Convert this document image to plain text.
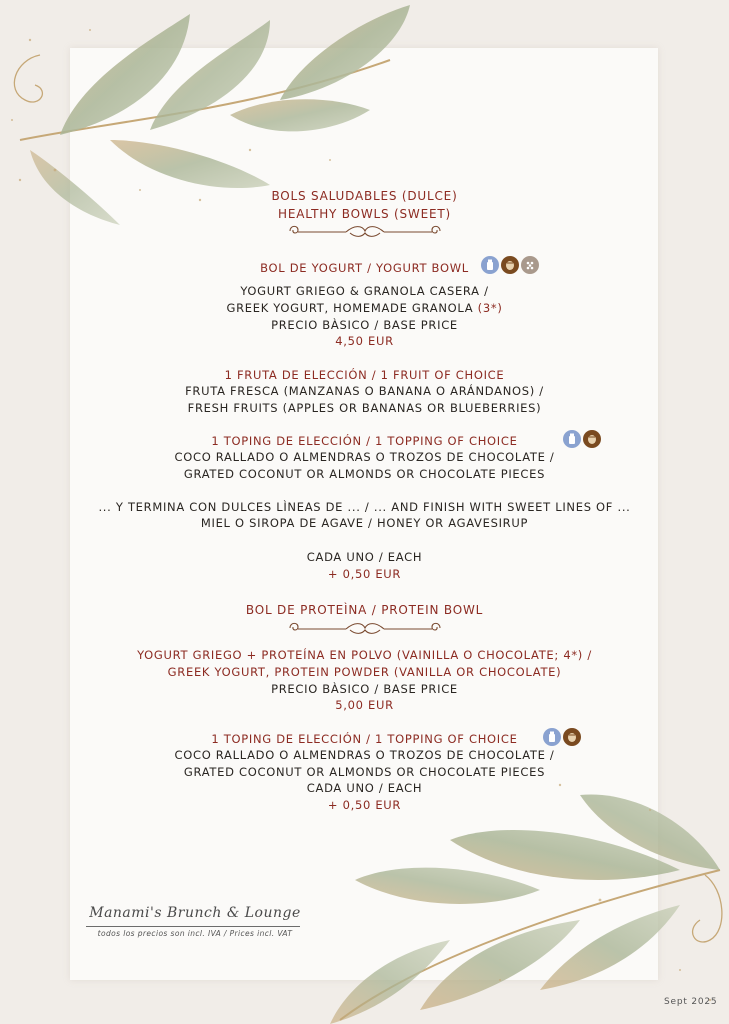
BOLS SALUDABLES (DULCE)
HEALTHY BOWLS (SWEET)
BOL DE YOGURT / YOGURT BOWL
YOGURT GRIEGO & GRANOLA CASERA /
GREEK YOGURT, HOMEMADE GRANOLA (3*)
PRECIO BÀSICO / BASE PRICE
4,50 EUR
1 FRUTA DE ELECCIÓN / 1 FRUIT OF CHOICE
FRUTA FRESCA (MANZANAS O BANANA O ARÁNDANOS) /
FRESH FRUITS (APPLES OR BANANAS OR BLUEBERRIES)
1 TOPING DE ELECCIÓN / 1 TOPPING OF CHOICE
COCO RALLADO O ALMENDRAS O TROZOS DE CHOCOLATE /
GRATED COCONUT OR ALMONDS OR CHOCOLATE PIECES
... Y TERMINA CON DULCES LÌNEAS DE ... / ... AND FINISH WITH SWEET LINES OF ...
MIEL O SIROPA DE AGAVE / HONEY OR AGAVESIRUP
CADA UNO / EACH
+ 0,50 EUR
BOL DE PROTEÌNA / PROTEIN BOWL
YOGURT GRIEGO + PROTEÍNA EN POLVO (VAINILLA O CHOCOLATE; 4*) /
GREEK YOGURT, PROTEIN POWDER (VANILLA OR CHOCOLATE)
PRECIO BÀSICO / BASE PRICE
5,00 EUR
1 TOPING DE ELECCIÓN / 1 TOPPING OF CHOICE
COCO RALLADO O ALMENDRAS O TROZOS DE CHOCOLATE /
GRATED COCONUT OR ALMONDS OR CHOCOLATE PIECES
CADA UNO / EACH
+ 0,50 EUR
Manami's Brunch & Lounge
todos los precios son incl. IVA / Prices incl. VAT
Sept 2025
